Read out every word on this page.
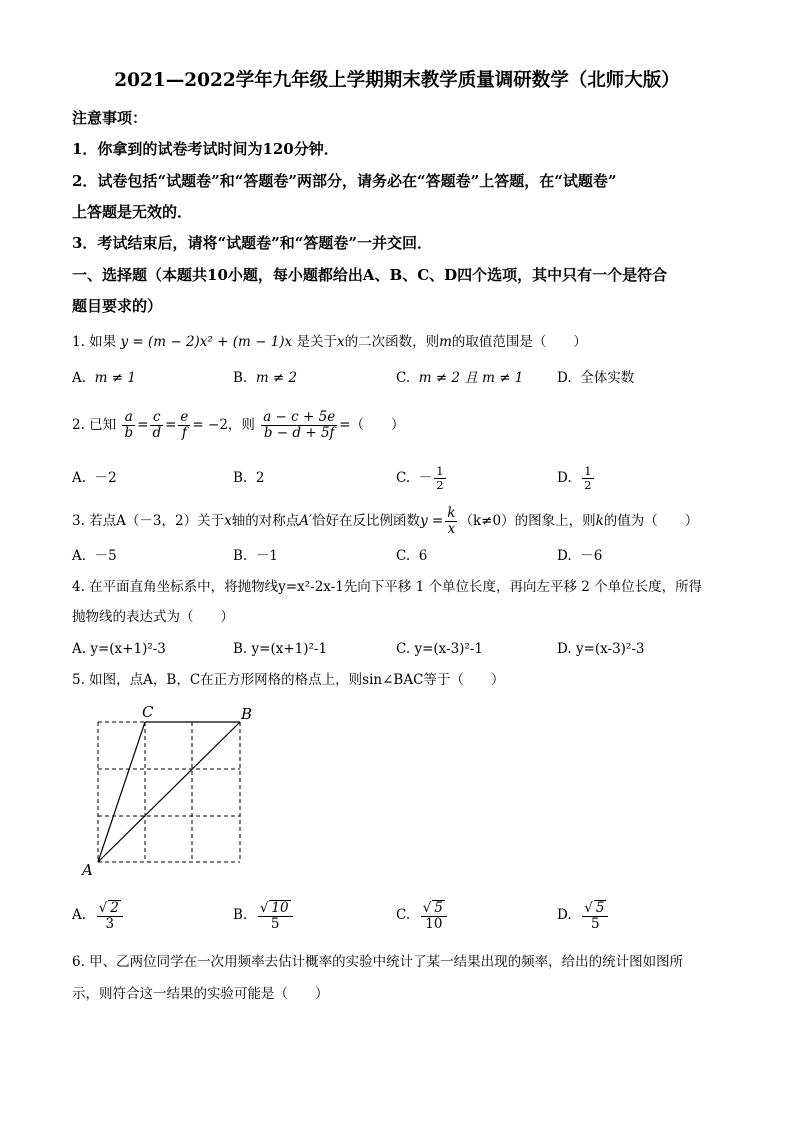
2021—2022学年九年级上学期期末教学质量调研数学（北师大版）
注意事项：
1．你拿到的试卷考试时间为120分钟．
2．试卷包括“试题卷”和“答题卷”两部分，请务必在“答题卷”上答题，在“试题卷”
上答题是无效的．
3．考试结束后，请将“试题卷”和“答题卷”一并交回．
一、选择题（本题共10小题，每小题都给出A、B、C、D四个选项，其中只有一个是符合
题目要求的）
1. 如果 y = (m − 2)x² + (m − 1)x 是关于x的二次函数，则m的取值范围是（　　）
A. m ≠ 1	B. m ≠ 2	C. m ≠ 2 且 m ≠ 1 D. 全体实数
2. 已知 $\frac{a}{b} = \frac{c}{d} = \frac{e}{f} = -2$，则 $\frac{a - c + 5e}{b - d + 5f}$ =（　　）
A. －2	B. 2	C. － $\frac{1}{2}$	D. $\frac{1}{2}$
3. 若点A（－3，2）关于x轴的对称点A′恰好在反比例函数$y = \frac{k}{x} (k\ne 0)$的图象上，则k的值为（　　）
A. －5	B. －1	C. 6	D. －6
4. 在平面直角坐标系中，将抛物线y=x²-2x-1先向下平移 1 个单位长度，再向左平移 2 个单位长度，所得
抛物线的表达式为（　　）
A. y=(x+1)²-3	B. y=(x+1)²-1	C. y=(x-3)²-1	D. y=(x-3)²-3
5. 如图，点A，B，C在正方形网格的格点上，则sin∠BAC等于（　　）
C	B
A
A. $\frac{√ 2}{3}$	B. $\frac{√ 10}{5}$	C. $\frac{√ 5}{10}$	D. $\frac{√ 5}{5}$
6. 甲、乙两位同学在一次用频率去估计概率的实验中统计了某一结果出现的频率，给出的统计图如图所
示，则符合这一结果的实验可能是（　　）
